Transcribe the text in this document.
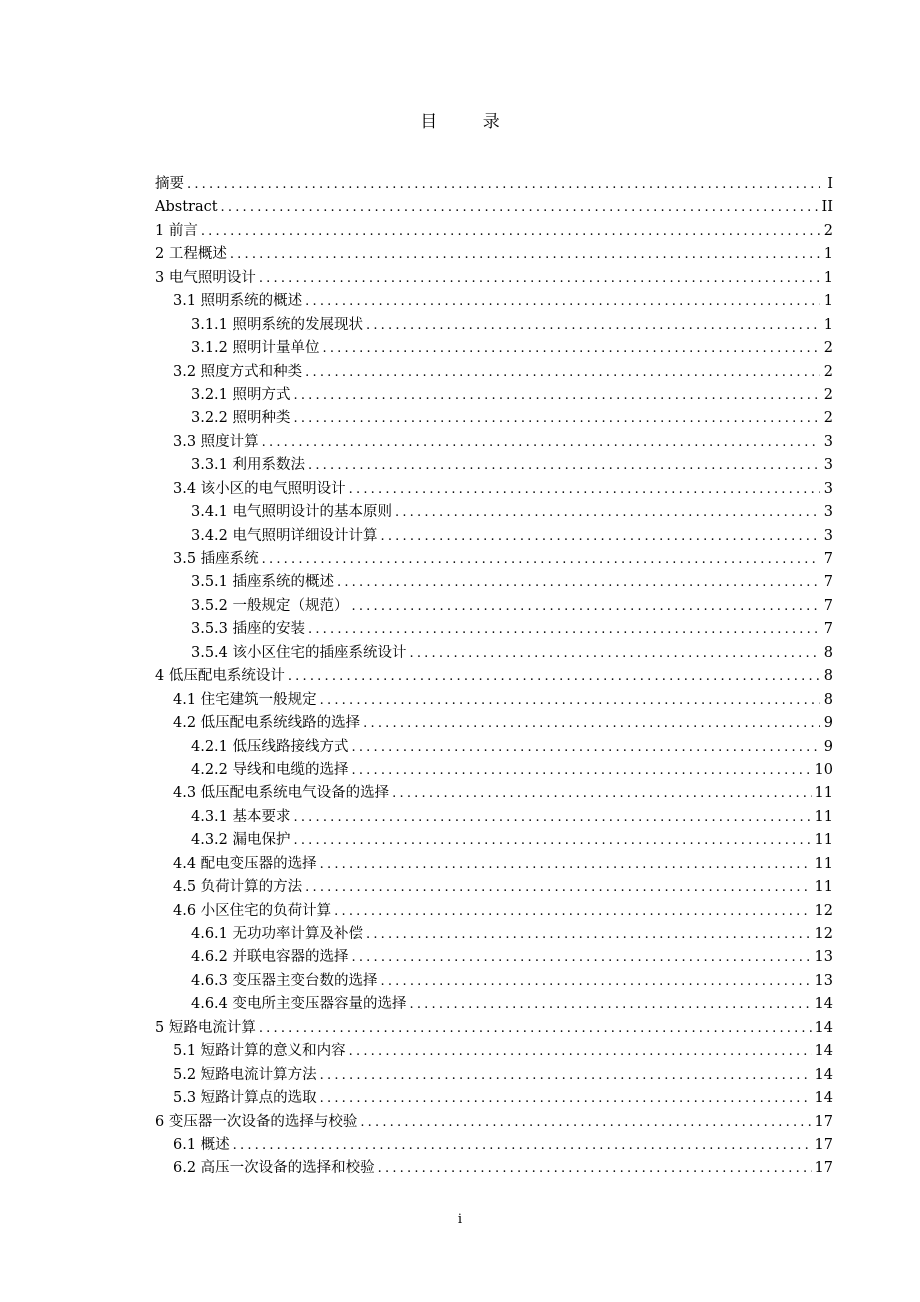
目 录
摘要 .....	I
Abstract .....	II
1 前言 .....	2
2 工程概述 .....	1
3 电气照明设计 .....	1
3.1 照明系统的概述 .....	1
3.1.1 照明系统的发展现状 .....	1
3.1.2 照明计量单位 .....	2
3.2 照度方式和种类 .....	2
3.2.1 照明方式 .....	2
3.2.2 照明种类 .....	2
3.3 照度计算 .....	3
3.3.1 利用系数法 .....	3
3.4 该小区的电气照明设计 .....	3
3.4.1 电气照明设计的基本原则 .....	3
3.4.2 电气照明详细设计计算 .....	3
3.5 插座系统 .....	7
3.5.1 插座系统的概述 .....	7
3.5.2 一般规定（规范） .....	7
3.5.3 插座的安装 .....	7
3.5.4 该小区住宅的插座系统设计 .....	8
4 低压配电系统设计 .....	8
4.1 住宅建筑一般规定 .....	8
4.2 低压配电系统线路的选择 .....	9
4.2.1 低压线路接线方式 .....	9
4.2.2 导线和电缆的选择 .....	10
4.3 低压配电系统电气设备的选择 .....	11
4.3.1 基本要求 .....	11
4.3.2 漏电保护 .....	11
4.4 配电变压器的选择 .....	11
4.5 负荷计算的方法 .....	11
4.6 小区住宅的负荷计算 .....	12
4.6.1 无功功率计算及补偿 .....	12
4.6.2 并联电容器的选择 .....	13
4.6.3 变压器主变台数的选择 .....	13
4.6.4 变电所主变压器容量的选择 .....	14
5 短路电流计算 .....	14
5.1 短路计算的意义和内容 .....	14
5.2 短路电流计算方法 .....	14
5.3 短路计算点的选取 .....	14
6 变压器一次设备的选择与校验 .....	17
6.1 概述 .....	17
6.2 高压一次设备的选择和校验 .....	17
i
